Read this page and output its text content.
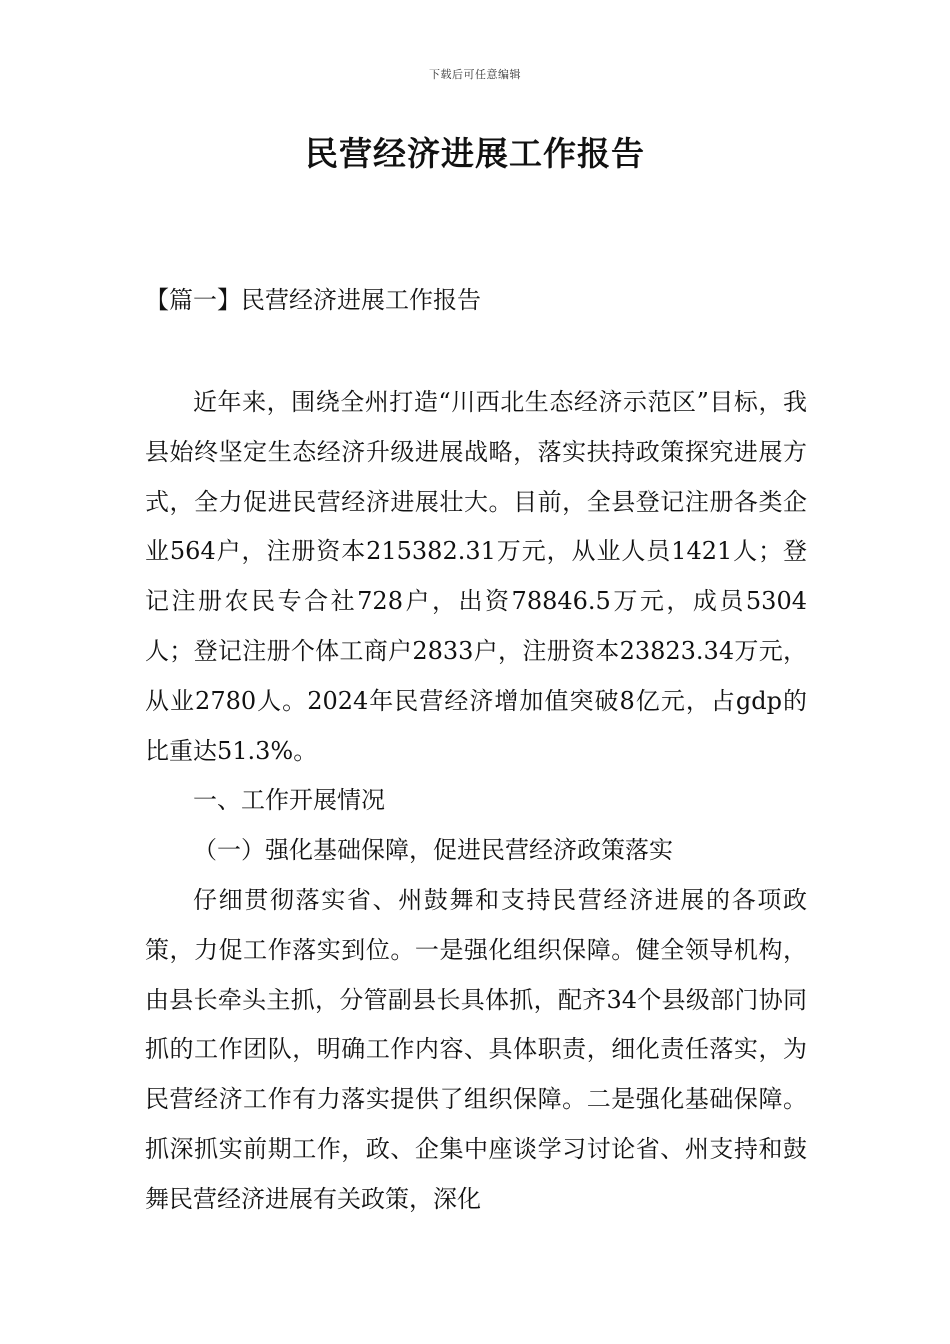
下载后可任意编辑
民营经济进展工作报告
【篇一】民营经济进展工作报告

近年来，围绕全州打造“川西北生态经济示范区”目标，我县始终坚定生态经济升级进展战略，落实扶持政策探究进展方式，全力促进民营经济进展壮大。目前，全县登记注册各类企业564户，注册资本215382.31万元，从业人员1421人；登记注册农民专合社728户，出资78846.5万元，成员5304人；登记注册个体工商户2833户，注册资本23823.34万元，从业2780人。2024年民营经济增加值突破8亿元，占gdp的比重达51.3%。

一、工作开展情况

（一）强化基础保障，促进民营经济政策落实

仔细贯彻落实省、州鼓舞和支持民营经济进展的各项政策，力促工作落实到位。一是强化组织保障。健全领导机构，由县长牵头主抓，分管副县长具体抓，配齐34个县级部门协同抓的工作团队，明确工作内容、具体职责，细化责任落实，为民营经济工作有力落实提供了组织保障。二是强化基础保障。抓深抓实前期工作，政、企集中座谈学习讨论省、州支持和鼓舞民营经济进展有关政策，深化
